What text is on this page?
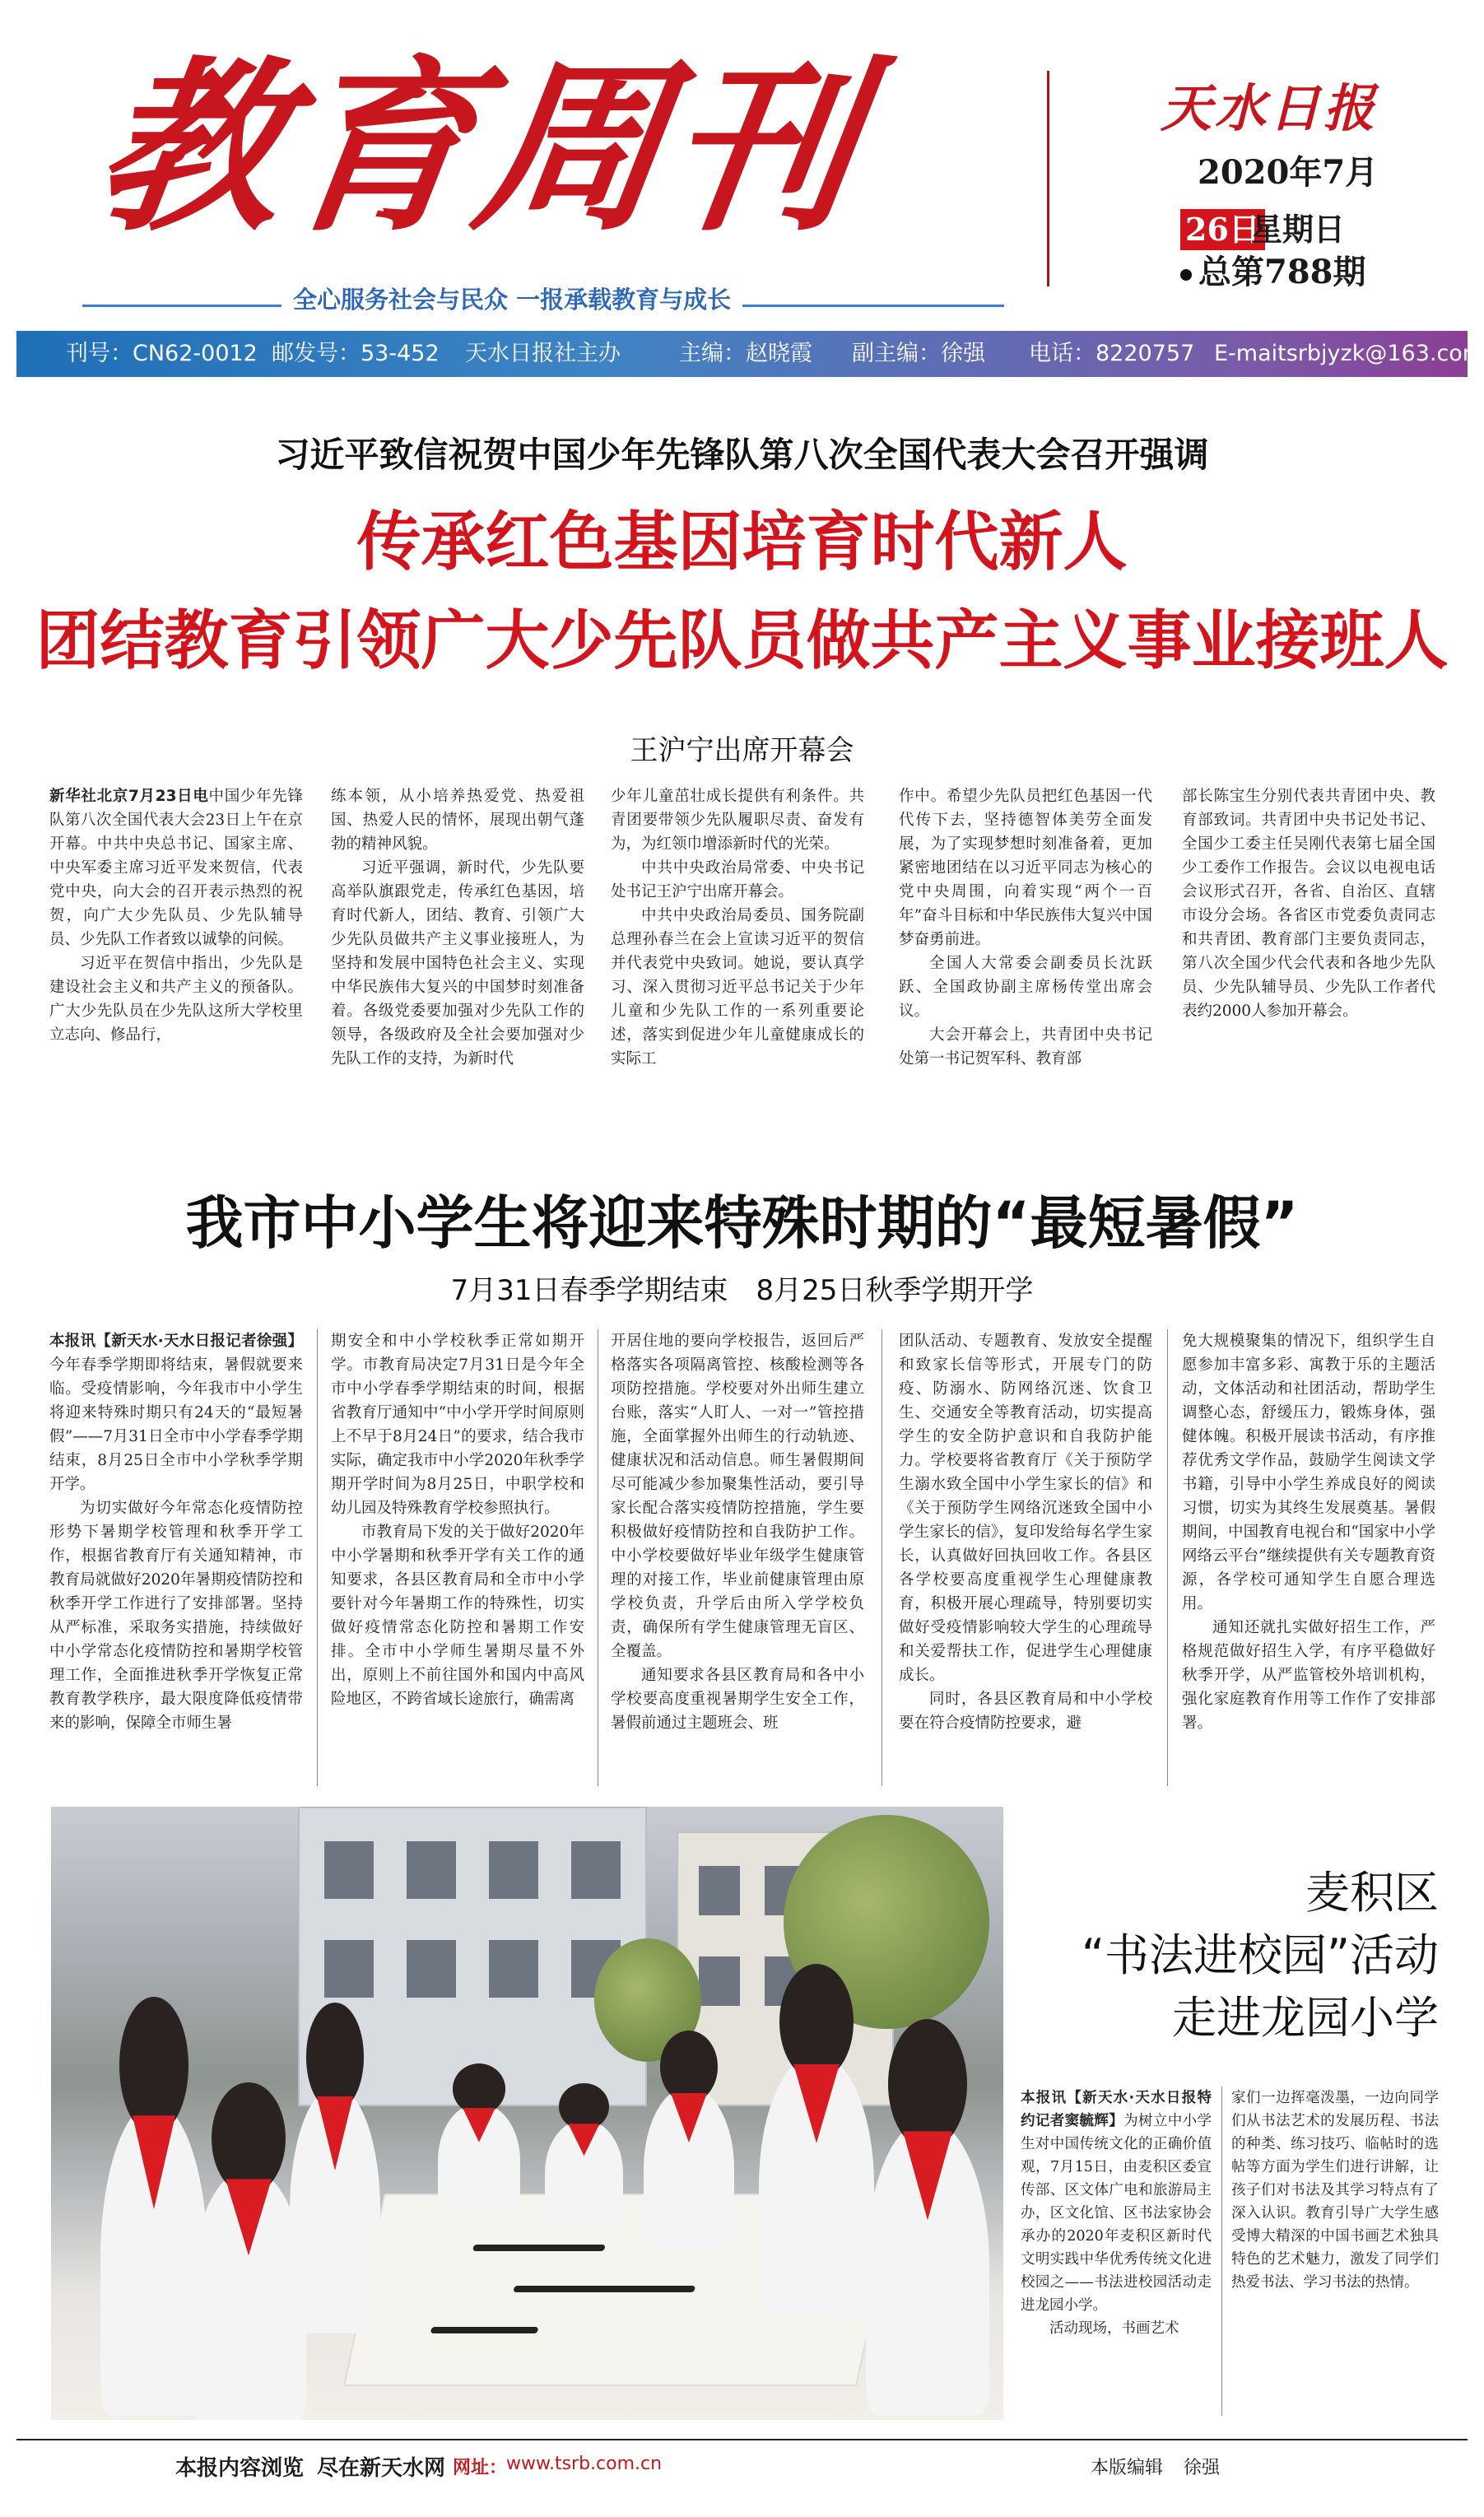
教育周刊	天水日报
2020年7月
26日
星期日
总第788期
全心服务社会与民众 一报承载教育与成长
刊号：CN62-0012 邮发号：53-452 天水日报社主办	主编：赵晓霞 副主编：徐强 电话：8220757 E-maitsrbjyzk@163.com
习近平致信祝贺中国少年先锋队第八次全国代表大会召开强调
传承红色基因培育时代新人
团结教育引领广大少先队员做共产主义事业接班人
王沪宁出席开幕会

新华社北京7月23日电中国少年先锋队第八次全国代表大会23日上午在京开幕。中共中央总书记、国家主席、中央军委主席习近平发来贺信，代表党中央，向大会的召开表示热烈的祝贺，向广大少先队员、少先队辅导员、少先队工作者致以诚挚的问候。

习近平在贺信中指出，少先队是建设社会主义和共产主义的预备队。广大少先队员在少先队这所大学校里立志向、修品行，

练本领，从小培养热爱党、热爱祖国、热爱人民的情怀，展现出朝气蓬勃的精神风貌。

习近平强调，新时代，少先队要高举队旗跟党走，传承红色基因，培育时代新人，团结、教育、引领广大少先队员做共产主义事业接班人，为坚持和发展中国特色社会主义、实现中华民族伟大复兴的中国梦时刻准备着。各级党委要加强对少先队工作的领导，各级政府及全社会要加强对少先队工作的支持，为新时代

少年儿童茁壮成长提供有利条件。共青团要带领少先队履职尽责、奋发有为，为红领巾增添新时代的光荣。

中共中央政治局常委、中央书记处书记王沪宁出席开幕会。

中共中央政治局委员、国务院副总理孙春兰在会上宣读习近平的贺信并代表党中央致词。她说，要认真学习、深入贯彻习近平总书记关于少年儿童和少先队工作的一系列重要论述，落实到促进少年儿童健康成长的实际工

作中。希望少先队员把红色基因一代代传下去，坚持德智体美劳全面发展，为了实现梦想时刻准备着，更加紧密地团结在以习近平同志为核心的党中央周围，向着实现“两个一百年”奋斗目标和中华民族伟大复兴中国梦奋勇前进。

全国人大常委会副委员长沈跃跃、全国政协副主席杨传堂出席会议。

大会开幕会上，共青团中央书记处第一书记贺军科、教育部

部长陈宝生分别代表共青团中央、教育部致词。共青团中央书记处书记、全国少工委主任吴刚代表第七届全国少工委作工作报告。会议以电视电话会议形式召开，各省、自治区、直辖市设分会场。各省区市党委负责同志和共青团、教育部门主要负责同志，第八次全国少代会代表和各地少先队员、少先队辅导员、少先队工作者代表约2000人参加开幕会。

我市中小学生将迎来特殊时期的“最短暑假”
7月31日春季学期结束　8月25日秋季学期开学

本报讯【新天水·天水日报记者徐强】今年春季学期即将结束，暑假就要来临。受疫情影响，今年我市中小学生将迎来特殊时期只有24天的“最短暑假”——7月31日全市中小学春季学期结束，8月25日全市中小学秋季学期开学。

为切实做好今年常态化疫情防控形势下暑期学校管理和秋季开学工作，根据省教育厅有关通知精神，市教育局就做好2020年暑期疫情防控和秋季开学工作进行了安排部署。坚持从严标准，采取务实措施，持续做好中小学常态化疫情防控和暑期学校管理工作，全面推进秋季开学恢复正常教育教学秩序，最大限度降低疫情带来的影响，保障全市师生暑

期安全和中小学校秋季正常如期开学。市教育局决定7月31日是今年全市中小学春季学期结束的时间，根据省教育厅通知中“中小学开学时间原则上不早于8月24日”的要求，结合我市实际，确定我市中小学2020年秋季学期开学时间为8月25日，中职学校和幼儿园及特殊教育学校参照执行。

市教育局下发的关于做好2020年中小学暑期和秋季开学有关工作的通知要求，各县区教育局和全市中小学要针对今年暑期工作的特殊性，切实做好疫情常态化防控和暑期工作安排。全市中小学师生暑期尽量不外出，原则上不前往国外和国内中高风险地区，不跨省域长途旅行，确需离

开居住地的要向学校报告，返回后严格落实各项隔离管控、核酸检测等各项防控措施。学校要对外出师生建立台账，落实“人盯人、一对一”管控措施，全面掌握外出师生的行动轨迹、健康状况和活动信息。师生暑假期间尽可能减少参加聚集性活动，要引导家长配合落实疫情防控措施，学生要积极做好疫情防控和自我防护工作。中小学校要做好毕业年级学生健康管理的对接工作，毕业前健康管理由原学校负责，升学后由所入学学校负责，确保所有学生健康管理无盲区、全覆盖。

通知要求各县区教育局和各中小学校要高度重视暑期学生安全工作，暑假前通过主题班会、班

团队活动、专题教育、发放安全提醒和致家长信等形式，开展专门的防疫、防溺水、防网络沉迷、饮食卫生、交通安全等教育活动，切实提高学生的安全防护意识和自我防护能力。学校要将省教育厅《关于预防学生溺水致全国中小学生家长的信》和《关于预防学生网络沉迷致全国中小学生家长的信》，复印发给每名学生家长，认真做好回执回收工作。各县区各学校要高度重视学生心理健康教育，积极开展心理疏导，特别要切实做好受疫情影响较大学生的心理疏导和关爱帮扶工作，促进学生心理健康成长。

同时，各县区教育局和中小学校要在符合疫情防控要求，避

免大规模聚集的情况下，组织学生自愿参加丰富多彩、寓教于乐的主题活动，文体活动和社团活动，帮助学生调整心态，舒缓压力，锻炼身体，强健体魄。积极开展读书活动，有序推荐优秀文学作品，鼓励学生阅读文学书籍，引导中小学生养成良好的阅读习惯，切实为其终生发展奠基。暑假期间，中国教育电视台和“国家中小学网络云平台”继续提供有关专题教育资源，各学校可通知学生自愿合理选用。

通知还就扎实做好招生工作，严格规范做好招生入学，有序平稳做好秋季开学，从严监管校外培训机构，强化家庭教育作用等工作作了安排部署。

麦积区
“书法进校园”活动
走进龙园小学

本报讯【新天水·天水日报特约记者窦毓辉】为树立中小学生对中国传统文化的正确价值观，7月15日，由麦积区委宣传部、区文体广电和旅游局主办，区文化馆、区书法家协会承办的2020年麦积区新时代文明实践中华优秀传统文化进校园之——书法进校园活动走进龙园小学。

活动现场，书画艺术

家们一边挥毫泼墨，一边向同学们从书法艺术的发展历程、书法的种类、练习技巧、临帖时的选帖等方面为学生们进行讲解，让孩子们对书法及其学习特点有了深入认识。教育引导广大学生感受博大精深的中国书画艺术独具特色的艺术魅力，激发了同学们热爱书法、学习书法的热情。

本报内容浏览 尽在新天水网 网址：
www.tsrb.com.cn	本版编辑 徐强
